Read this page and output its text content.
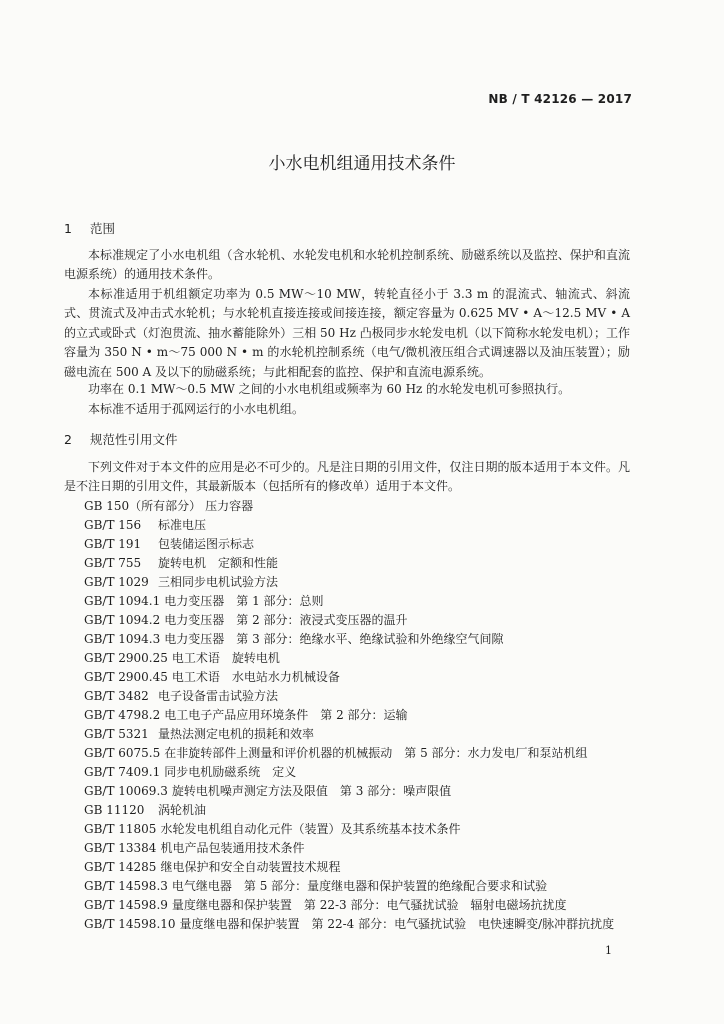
NB / T 42126 — 2017
小水电机组通用技术条件
1 范围
本标准规定了小水电机组（含水轮机、水轮发电机和水轮机控制系统、励磁系统以及监控、保护和直流电源系统）的通用技术条件。
本标准适用于机组额定功率为 0.5 MW～10 MW，转轮直径小于 3.3 m 的混流式、轴流式、斜流式、贯流式及冲击式水轮机；与水轮机直接连接或间接连接，额定容量为 0.625 MV • A～12.5 MV • A 的立式或卧式（灯泡贯流、抽水蓄能除外）三相 50 Hz 凸极同步水轮发电机（以下简称水轮发电机）；工作容量为 350 N • m～75 000 N • m 的水轮机控制系统（电气/微机液压组合式调速器以及油压装置）；励磁电流在 500 A 及以下的励磁系统；与此相配套的监控、保护和直流电源系统。
功率在 0.1 MW～0.5 MW 之间的小水电机组或频率为 60 Hz 的水轮发电机可参照执行。
本标准不适用于孤网运行的小水电机组。
2 规范性引用文件
下列文件对于本文件的应用是必不可少的。凡是注日期的引用文件，仅注日期的版本适用于本文件。凡是不注日期的引用文件，其最新版本（包括所有的修改单）适用于本文件。
GB 150（所有部分） 压力容器
GB/T 156 标准电压
GB/T 191 包装储运图示标志
GB/T 755 旋转电机　定额和性能
GB/T 1029 三相同步电机试验方法
GB/T 1094.1 电力变压器　第 1 部分：总则
GB/T 1094.2 电力变压器　第 2 部分：液浸式变压器的温升
GB/T 1094.3 电力变压器　第 3 部分：绝缘水平、绝缘试验和外绝缘空气间隙
GB/T 2900.25 电工术语　旋转电机
GB/T 2900.45 电工术语　水电站水力机械设备
GB/T 3482 电子设备雷击试验方法
GB/T 4798.2 电工电子产品应用环境条件　第 2 部分：运输
GB/T 5321 量热法测定电机的损耗和效率
GB/T 6075.5 在非旋转部件上测量和评价机器的机械振动　第 5 部分：水力发电厂和泵站机组
GB/T 7409.1 同步电机励磁系统　定义
GB/T 10069.3 旋转电机噪声测定方法及限值　第 3 部分：噪声限值
GB 11120 涡轮机油
GB/T 11805 水轮发电机组自动化元件（装置）及其系统基本技术条件
GB/T 13384 机电产品包装通用技术条件
GB/T 14285 继电保护和安全自动装置技术规程
GB/T 14598.3 电气继电器　第 5 部分：量度继电器和保护装置的绝缘配合要求和试验
GB/T 14598.9 量度继电器和保护装置　第 22-3 部分：电气骚扰试验　辐射电磁场抗扰度
GB/T 14598.10 量度继电器和保护装置　第 22-4 部分：电气骚扰试验　电快速瞬变/脉冲群抗扰度
1
